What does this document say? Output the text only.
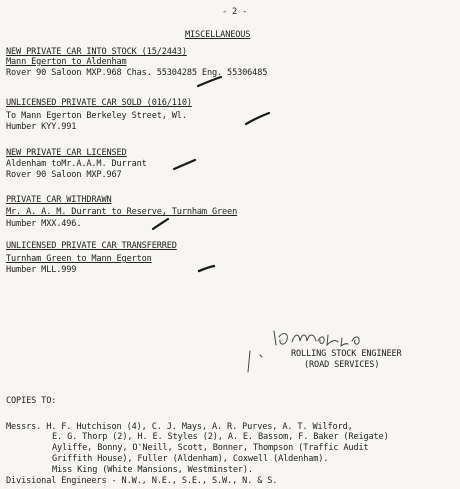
- 2 -
MISCELLANEOUS
NEW PRIVATE CAR INTO STOCK (15/2443)
Mann Egerton to Aldenham
Rover 90 Saloon MXP.968 Chas. 55304285 Eng. 55306485
UNLICENSED PRIVATE CAR SOLD (016/110)
To Mann Egerton Berkeley Street, Wl.
Humber KYY.991
NEW PRIVATE CAR LICENSED
Aldenham toMr.A.A.M. Durrant
Rover 90 Saloon MXP.967
PRIVATE CAR WITHDRAWN
Mr. A. A. M. Durrant to Reserve, Turnham Green
Humber MXX.496.
UNLICENSED PRIVATE CAR TRANSFERRED
Turnham Green to Mann Egerton
Humber MLL.999
ROLLING STOCK ENGINEER
(ROAD SERVICES)
COPIES TO:
Messrs. H. F. Hutchison (4), C. J. Mays, A. R. Purves, A. T. Wilford,
E. G. Thorp (2), H. E. Styles (2), A. E. Bassom, F. Baker (Reigate)
Ayliffe, Bonny, O'Neill, Scott, Bonner, Thompson (Traffic Audit
Griffith House), Fuller (Aldenham), Coxwell (Aldenham).
Miss King (White Mansions, Westminster).
Divisional Engineers - N.W., N.E., S.E., S.W., N. & S.
